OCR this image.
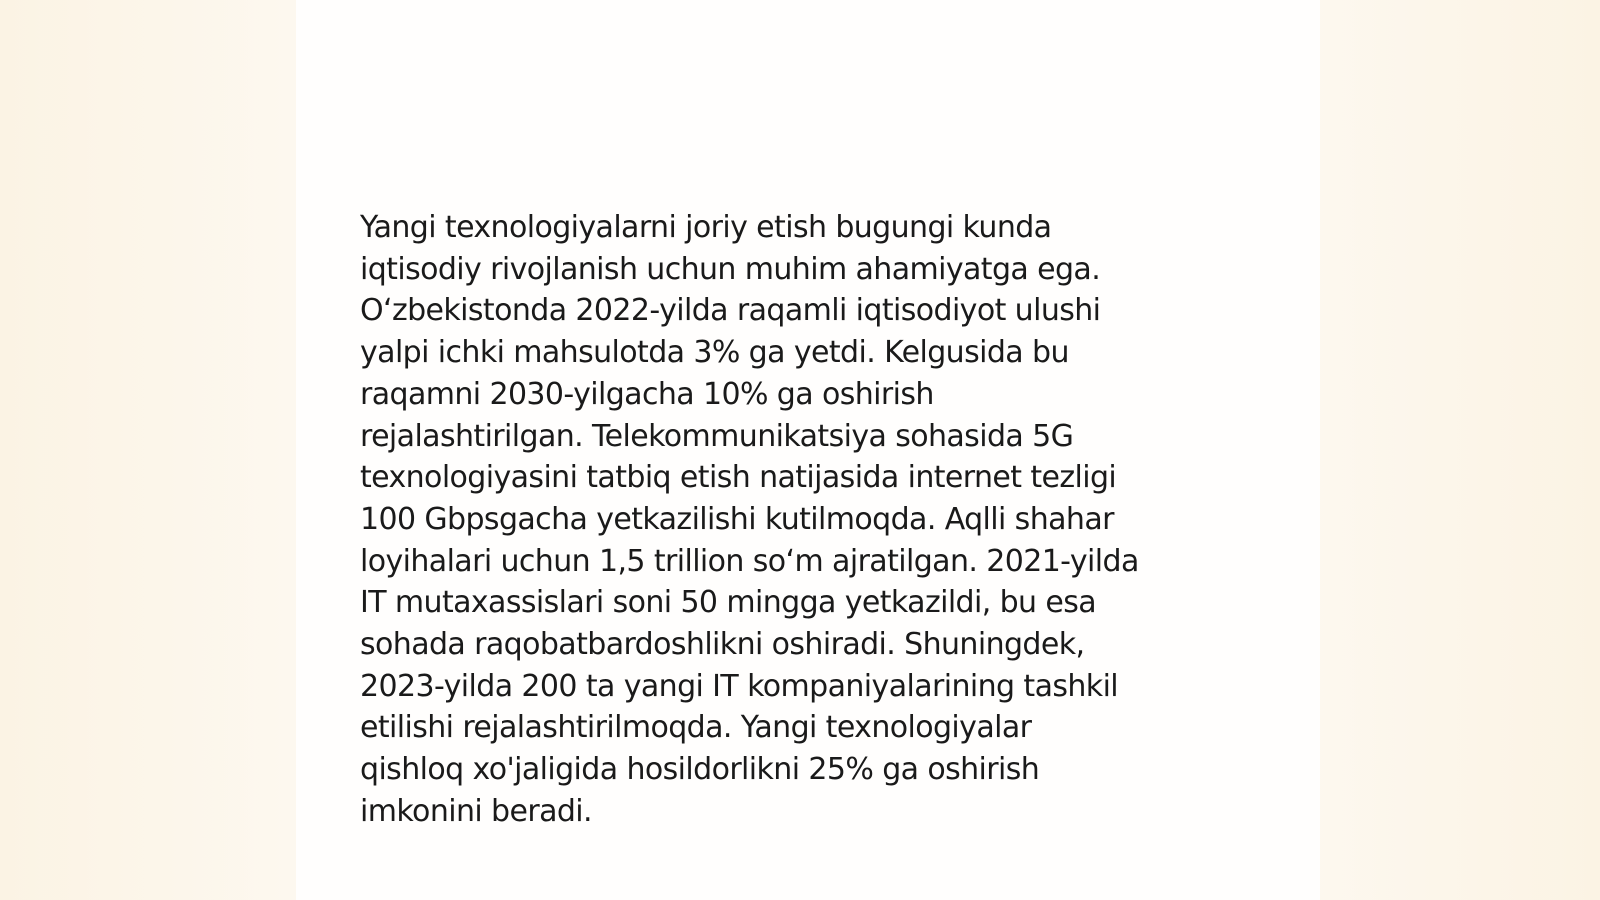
Yangi texnologiyalarni joriy etish bugungi kunda
iqtisodiy rivojlanish uchun muhim ahamiyatga ega.
O‘zbekistonda 2022-yilda raqamli iqtisodiyot ulushi
yalpi ichki mahsulotda 3% ga yetdi. Kelgusida bu
raqamni 2030-yilgacha 10% ga oshirish
rejalashtirilgan. Telekommunikatsiya sohasida 5G
texnologiyasini tatbiq etish natijasida internet tezligi
100 Gbpsgacha yetkazilishi kutilmoqda. Aqlli shahar
loyihalari uchun 1,5 trillion so‘m ajratilgan. 2021-yilda
IT mutaxassislari soni 50 mingga yetkazildi, bu esa
sohada raqobatbardoshlikni oshiradi. Shuningdek,
2023-yilda 200 ta yangi IT kompaniyalarining tashkil
etilishi rejalashtirilmoqda. Yangi texnologiyalar
qishloq xo'jaligida hosildorlikni 25% ga oshirish
imkonini beradi.
